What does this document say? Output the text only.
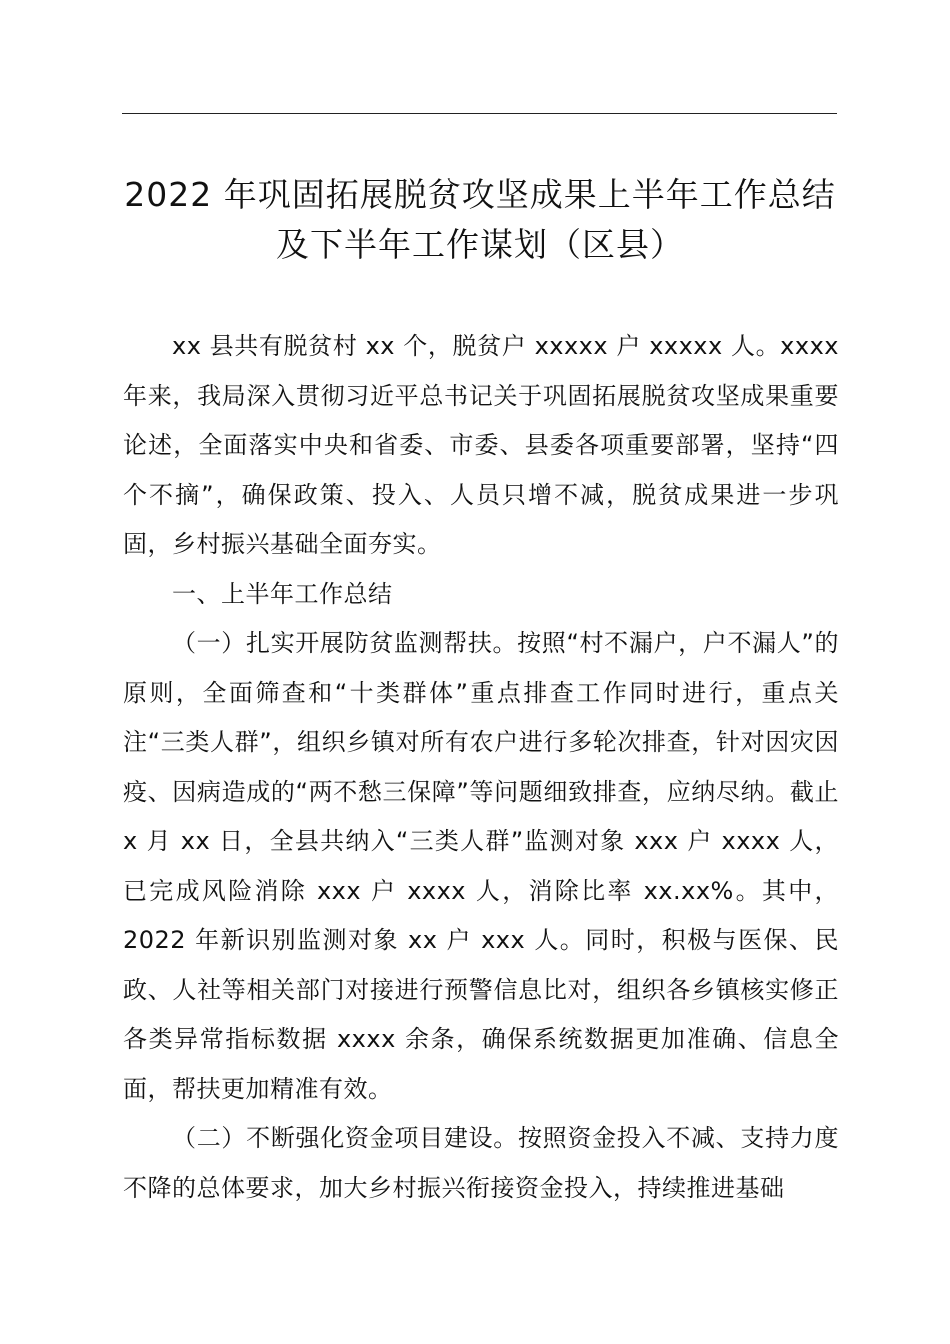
2022 年巩固拓展脱贫攻坚成果上半年工作总结
及下半年工作谋划（区县）

xx 县共有脱贫村 xx 个，脱贫户 xxxxx 户 xxxxx 人。xxxx 年来，我局深入贯彻习近平总书记关于巩固拓展脱贫攻坚成果重要论述，全面落实中央和省委、市委、县委各项重要部署，坚持“四个不摘”，确保政策、投入、人员只增不减，脱贫成果进一步巩固，乡村振兴基础全面夯实。

一、上半年工作总结

（一）扎实开展防贫监测帮扶。按照“村不漏户，户不漏人”的原则，全面筛查和“十类群体”重点排查工作同时进行，重点关注“三类人群”，组织乡镇对所有农户进行多轮次排查，针对因灾因疫、因病造成的“两不愁三保障”等问题细致排查，应纳尽纳。截止 x 月 xx 日，全县共纳入“三类人群”监测对象 xxx 户 xxxx 人，已完成风险消除 xxx 户 xxxx 人，消除比率 xx.xx%。其中，2022 年新识别监测对象 xx 户 xxx 人。同时，积极与医保、民政、人社等相关部门对接进行预警信息比对，组织各乡镇核实修正各类异常指标数据 xxxx 余条，确保系统数据更加准确、信息全面，帮扶更加精准有效。

（二）不断强化资金项目建设。按照资金投入不减、支持力度不降的总体要求，加大乡村振兴衔接资金投入，持续推进基础
